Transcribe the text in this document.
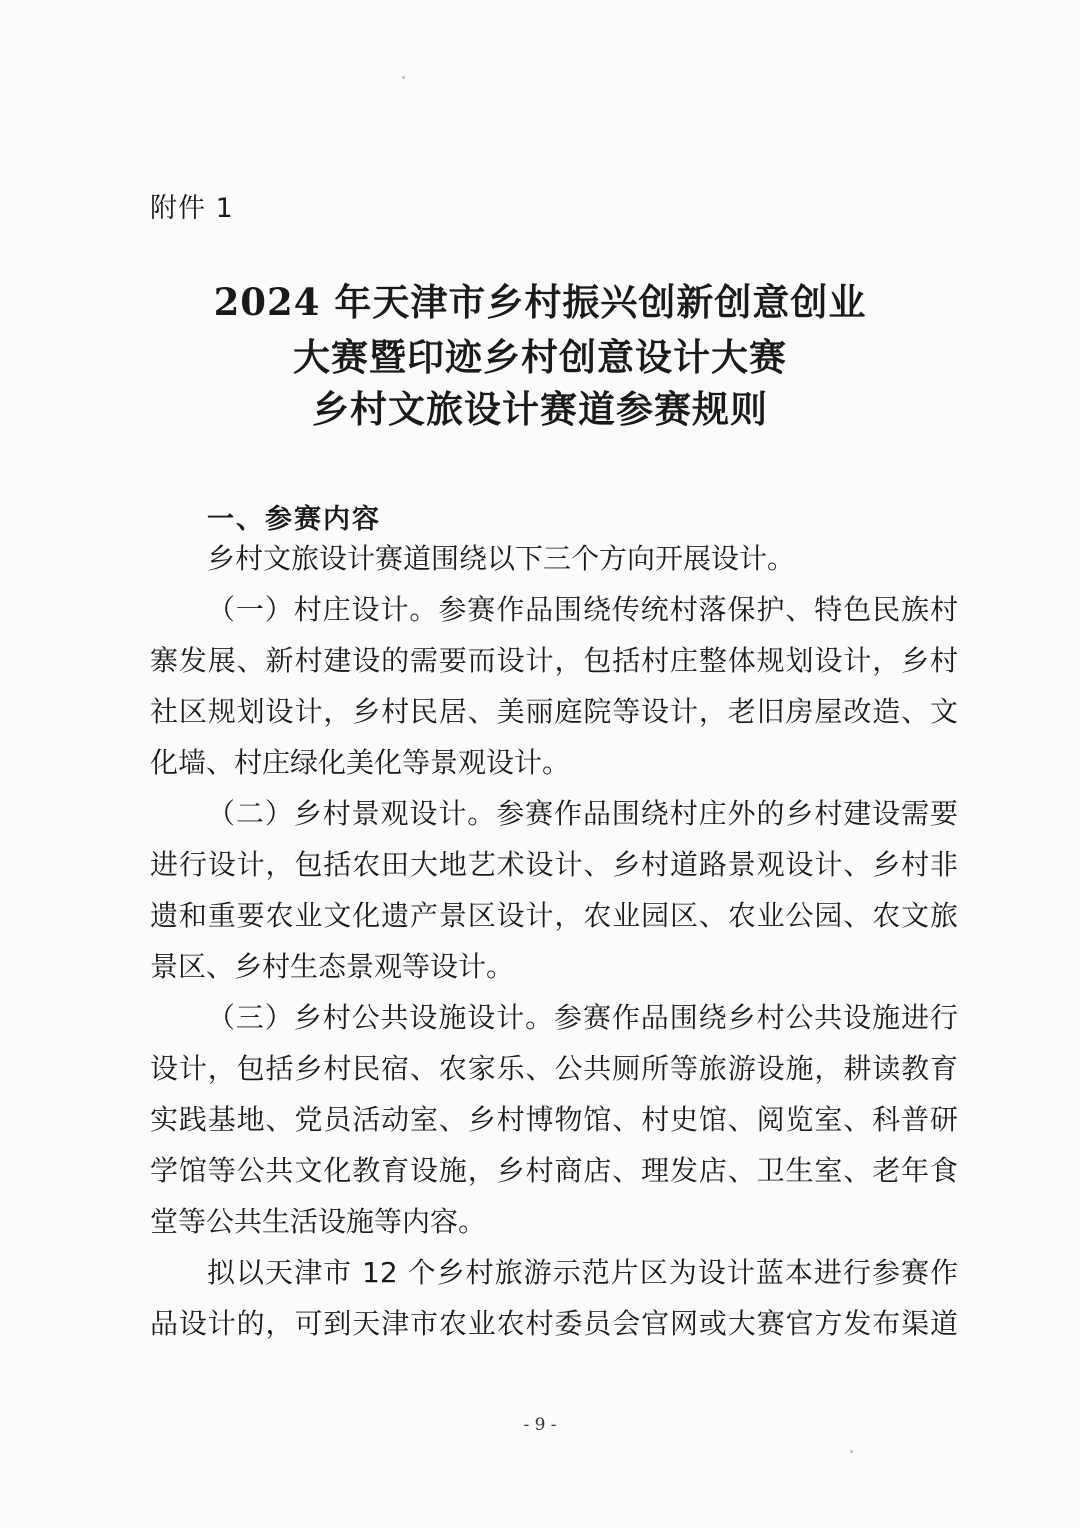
附件 1
2024 年天津市乡村振兴创新创意创业
大赛暨印迹乡村创意设计大赛
乡村文旅设计赛道参赛规则
一、参赛内容
乡村文旅设计赛道围绕以下三个方向开展设计。
（一）村庄设计。参赛作品围绕传统村落保护、特色民族村
寨发展、新村建设的需要而设计，包括村庄整体规划设计，乡村
社区规划设计，乡村民居、美丽庭院等设计，老旧房屋改造、文
化墙、村庄绿化美化等景观设计。
（二）乡村景观设计。参赛作品围绕村庄外的乡村建设需要
进行设计，包括农田大地艺术设计、乡村道路景观设计、乡村非
遗和重要农业文化遗产景区设计，农业园区、农业公园、农文旅
景区、乡村生态景观等设计。
（三）乡村公共设施设计。参赛作品围绕乡村公共设施进行
设计，包括乡村民宿、农家乐、公共厕所等旅游设施，耕读教育
实践基地、党员活动室、乡村博物馆、村史馆、阅览室、科普研
学馆等公共文化教育设施，乡村商店、理发店、卫生室、老年食
堂等公共生活设施等内容。
拟以天津市 12 个乡村旅游示范片区为设计蓝本进行参赛作
品设计的，可到天津市农业农村委员会官网或大赛官方发布渠道
- 9 -
